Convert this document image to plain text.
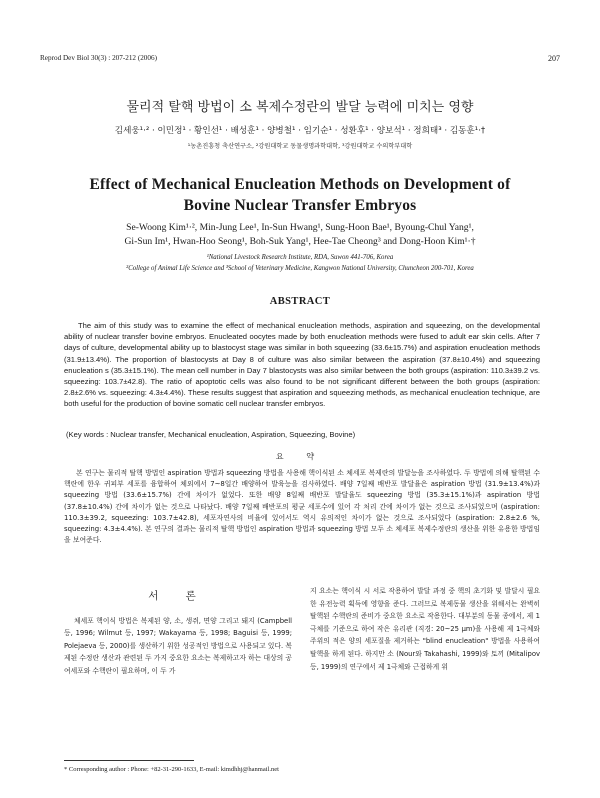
Reprod Dev Biol 30(3) : 207-212 (2006)	207
물리적 탈핵 방법이 소 복제수정란의 발달 능력에 미치는 영향
김세웅¹·² · 이민정¹ · 황인선¹ · 배성훈¹ · 양병철¹ · 임기순¹ · 성환후¹ · 양보석¹ · 정희태³ · 김동훈¹·†
¹농촌진흥청 축산연구소, ²강원대학교 동물생명과학대학, ³강원대학교 수의학부대학
Effect of Mechanical Enucleation Methods on Development of
Bovine Nuclear Transfer Embryos
Se-Woong Kim¹·², Min-Jung Lee¹, In-Sun Hwang¹, Sung-Hoon Bae¹, Byoung-Chul Yang¹,
Gi-Sun Im¹, Hwan-Hoo Seong¹, Boh-Suk Yang¹, Hee-Tae Cheong³ and Dong-Hoon Kim¹·†
¹National Livestock Research Institute, RDA, Suwon 441-706, Korea
²College of Animal Life Science and ³School of Veterinary Medicine, Kangwon National University, Chuncheon 200-701, Korea
ABSTRACT

The aim of this study was to examine the effect of mechanical enucleation methods, aspiration and squeezing, on the developmental ability of nuclear transfer bovine embryos. Enucleated oocytes made by both enucleation methods were fused to adult ear skin cells. After 7 days of culture, developmental ability up to blastocyst stage was similar in both squeezing (33.6±15.7%) and aspiration enucleation methods (31.9±13.4%). The proportion of blastocysts at Day 8 of culture was also similar between the aspiration (37.8±10.4%) and squeezing enucleation s (35.3±15.1%). The mean cell number in Day 7 blastocysts was also similar between the both groups (aspiration: 110.3±39.2 vs. squeezing: 103.7±42.8). The ratio of apoptotic cells was also found to be not significant different between the both groups (aspiration: 2.8±2.6% vs. squeezing: 4.3±4.4%). These results suggest that aspiration and squeezing methods, as mechanical enucleation technique, are both useful for the production of bovine somatic cell nuclear transfer embryos.

(Key words : Nuclear transfer, Mechanical enucleation, Aspiration, Squeezing, Bovine)
요 약

본 연구는 물리적 탈핵 방법인 aspiration 방법과 squeezing 방법을 사용해 핵이식된 소 체세포 복제란의 발달능을 조사하였다. 두 방법에 의해 탈핵된 수핵란에 한우 귀피부 세포를 융합하여 체외에서 7~8일간 배양하여 발육능을 검사하였다. 배양 7일째 배반포 발달율은 aspiration 방법 (31.9±13.4%)과 squeezing 방법 (33.6±15.7%) 간에 차이가 없었다. 또한 배양 8일째 배반포 발달율도 squeezing 방법 (35.3±15.1%)과 aspiration 방법 (37.8±10.4%) 간에 차이가 없는 것으로 나타났다. 배양 7일째 배반포의 평균 세포수에 있어 각 처리 간에 차이가 없는 것으로 조사되었으며 (aspiration: 110.3±39.2, squeezing: 103.7±42.8), 세포자연사의 비율에 있어서도 역시 유의적인 차이가 없는 것으로 조사되었다 (aspiration: 2.8±2.6 %, squeezing: 4.3±4.4%). 본 연구의 결과는 물리적 탈핵 방법인 aspiration 방법과 squeezing 방법 모두 소 체세포 복제수정란의 생산을 위한 유용한 방법임을 보여준다.

서 론

체세포 핵이식 방법은 복제된 양, 소, 생쥐, 면양 그리고 돼지 (Campbell 등, 1996; Wilmut 등, 1997; Wakayama 등, 1998; Baguisi 등, 1999; Polejaeva 등, 2000)를 생산하기 위한 성공적인 방법으로 사용되고 있다. 복제된 수정란 생산과 관련된 두 가지 중요한 요소는 복제하고자 하는 대상의 공여세포와 수핵란이 필요하며, 이 두 가

지 요소는 핵이식 시 서로 작용하여 발달 과정 중 핵의 초기화 및 발달시 필요한 유전능력 획득에 영향을 준다. 그러므로 복제동물 생산을 위해서는 완벽히 탈핵된 수핵란의 준비가 중요한 요소로 작용한다. 대부분의 동물 종에서, 제 1극체를 기준으로 하여 작은 유리관 (직경: 20~25 μm)을 사용해 제 1극체와 주위의 적은 양의 세포질을 제거하는 "blind enucleation" 방법을 사용하여 탈핵을 하게 된다. 하지만 소 (Nour와 Takahashi, 1999)와 토끼 (Mitalipov 등, 1999)의 연구에서 제 1극체와 근접하게 위

* Corresponding author : Phone: +82-31-290-1633, E-mail: kimdhhj@hanmail.net
